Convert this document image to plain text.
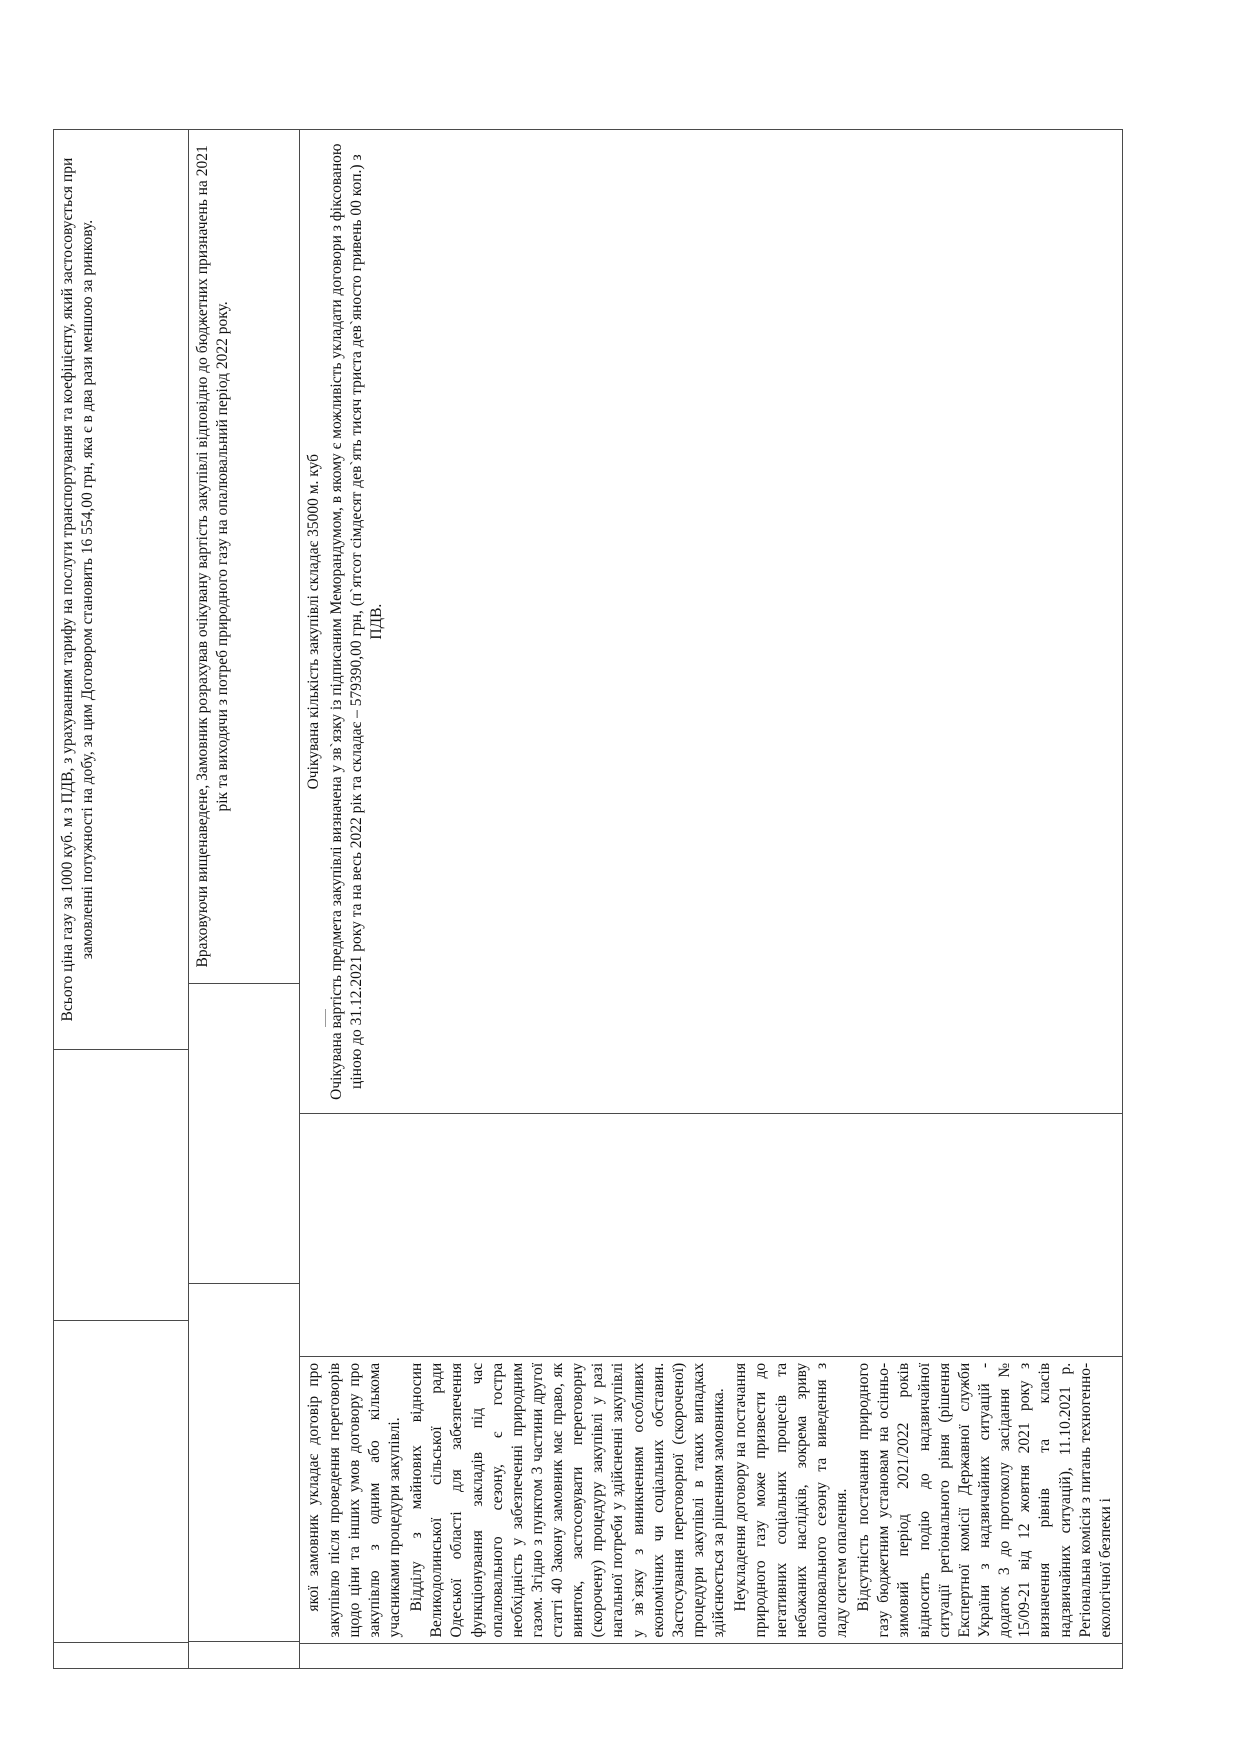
Всього ціна газу за 1000 куб. м з ПДВ, з урахуванням тарифу на послуги транспортування та коефіцієнту, який застосовується при замовленні потужності на добу, за цим Договором становить 16 554,00 грн, яка є в два рази меншою за ринкову.	Враховуючи вищенаведене, Замовник розрахував очікувану вартість закупівлі відповідно до бюджетних призначень на 2021 рік та виходячи з потреб природного газу на опалювальний період 2022 року.

якої замовник укладає договір про закупівлю після проведення переговорів щодо ціни та інших умов договору про закупівлю з одним або кількома учасниками процедури закупівлі. Відділу з майнових відносин Великодолинської сільської ради Одеської області для забезпечення функціонування закладів під час опалювального сезону, є гостра необхідність у забезпеченні природним газом. Згідно з пунктом 3 частини другої статті 40 Закону замовник має право, як виняток, застосовувати переговорну (скорочену) процедуру закупівлі у разі нагальної потреби у здійсненні закупівлі у зв`язку з виникненням особливих економічних чи соціальних обставин. Застосування переговорної (скороченої) процедури закупівлі в таких випадках здійснюється за рішенням замовника. Неукладення договору на постачання природного газу може призвести до негативних соціальних процесів та небажаних наслідків, зокрема зриву опалювального сезону та виведення з ладу систем опалення. Відсутність постачання природного газу бюджетним установам на осінньо-зимовий період 2021/2022 років відносить подію до надзвичайної ситуації регіонального рівня (рішення Експертної комісії Державної служби України з надзвичайних ситуацій - додаток 3 до протоколу засідання № 15/09-21 від 12 жовтня 2021 року з визначення рівнів та класів надзвичайних ситуацій), 11.10.2021 р. Регіональна комісія з питань техногенно-екологічної безпеки і

Очікувана кількість закупівлі складає 35000 м. куб Очікувана вартість предмета закупівлі визначена у зв`язку із підписаним Меморандумом, в якому є можливість укладати договори з фіксованою ціною до 31.12.2021 року та на весь 2022 рік та складає – 579390,00 грн, (п`ятсот сімдесят дев`ять тисяч триста дев`яносто гривень 00 коп.) з ПДВ.
